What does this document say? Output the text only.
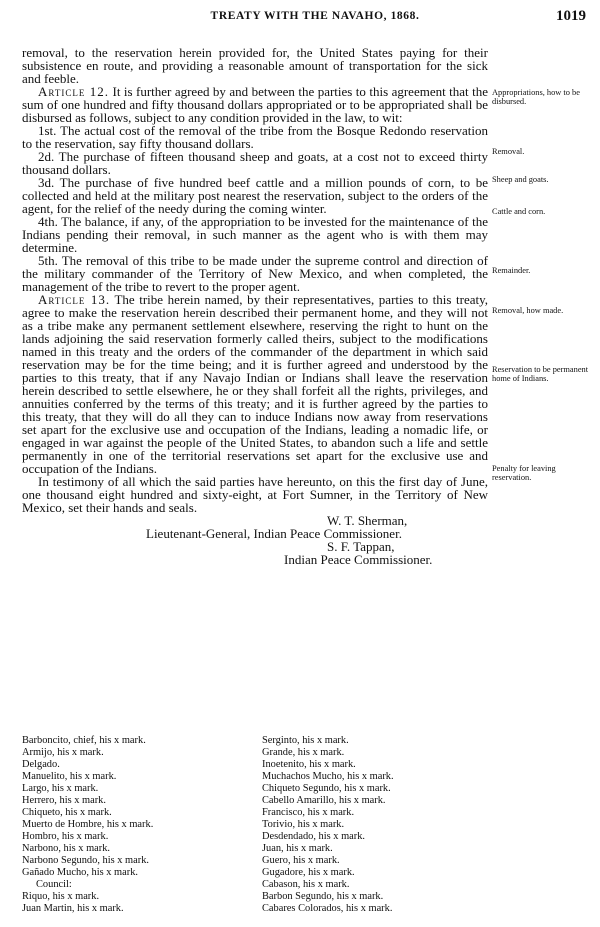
TREATY WITH THE NAVAHO, 1868.	1019

removal, to the reservation herein provided for, the United States paying for their subsistence en route, and providing a reasonable amount of transportation for the sick and feeble.

Article 12. It is further agreed by and between the parties to this agreement that the sum of one hundred and fifty thousand dollars appropriated or to be appropriated shall be disbursed as follows, subject to any condition provided in the law, to wit:

1st. The actual cost of the removal of the tribe from the Bosque Redondo reservation to the reservation, say fifty thousand dollars.

2d. The purchase of fifteen thousand sheep and goats, at a cost not to exceed thirty thousand dollars.

3d. The purchase of five hundred beef cattle and a million pounds of corn, to be collected and held at the military post nearest the reservation, subject to the orders of the agent, for the relief of the needy during the coming winter.

4th. The balance, if any, of the appropriation to be invested for the maintenance of the Indians pending their removal, in such manner as the agent who is with them may determine.

5th. The removal of this tribe to be made under the supreme control and direction of the military commander of the Territory of New Mexico, and when completed, the management of the tribe to revert to the proper agent.

Article 13. The tribe herein named, by their representatives, parties to this treaty, agree to make the reservation herein described their permanent home, and they will not as a tribe make any permanent settlement elsewhere, reserving the right to hunt on the lands adjoining the said reservation formerly called theirs, subject to the modifications named in this treaty and the orders of the commander of the department in which said reservation may be for the time being; and it is further agreed and understood by the parties to this treaty, that if any Navajo Indian or Indians shall leave the reservation herein described to settle elsewhere, he or they shall forfeit all the rights, privileges, and annuities conferred by the terms of this treaty; and it is further agreed by the parties to this treaty, that they will do all they can to induce Indians now away from reservations set apart for the exclusive use and occupation of the Indians, leading a nomadic life, or engaged in war against the people of the United States, to abandon such a life and settle permanently in one of the territorial reservations set apart for the exclusive use and occupation of the Indians.

In testimony of all which the said parties have hereunto, on this the first day of June, one thousand eight hundred and sixty-eight, at Fort Sumner, in the Territory of New Mexico, set their hands and seals.

W. T. Sherman,
Lieutenant-General, Indian Peace Commissioner.
S. F. Tappan,
Indian Peace Commissioner.
Appropriations, how to be disbursed.
Removal.
Sheep and goats.
Cattle and corn.
Remainder.
Removal, how made.
Reservation to be permanent home of Indians.
Penalty for leaving reservation.
Barboncito, chief, his x mark.
Armijo, his x mark.
Delgado.
Manuelito, his x mark.
Largo, his x mark.
Herrero, his x mark.
Chiqueto, his x mark.
Muerto de Hombre, his x mark.
Hombro, his x mark.
Narbono, his x mark.
Narbono Segundo, his x mark.
Gañado Mucho, his x mark.
Council:
Riquo, his x mark.
Juan Martin, his x mark.
Serginto, his x mark.
Grande, his x mark.
Inoetenito, his x mark.
Muchachos Mucho, his x mark.
Chiqueto Segundo, his x mark.
Cabello Amarillo, his x mark.
Francisco, his x mark.
Torivio, his x mark.
Desdendado, his x mark.
Juan, his x mark.
Guero, his x mark.
Gugadore, his x mark.
Cabason, his x mark.
Barbon Segundo, his x mark.
Cabares Colorados, his x mark.
